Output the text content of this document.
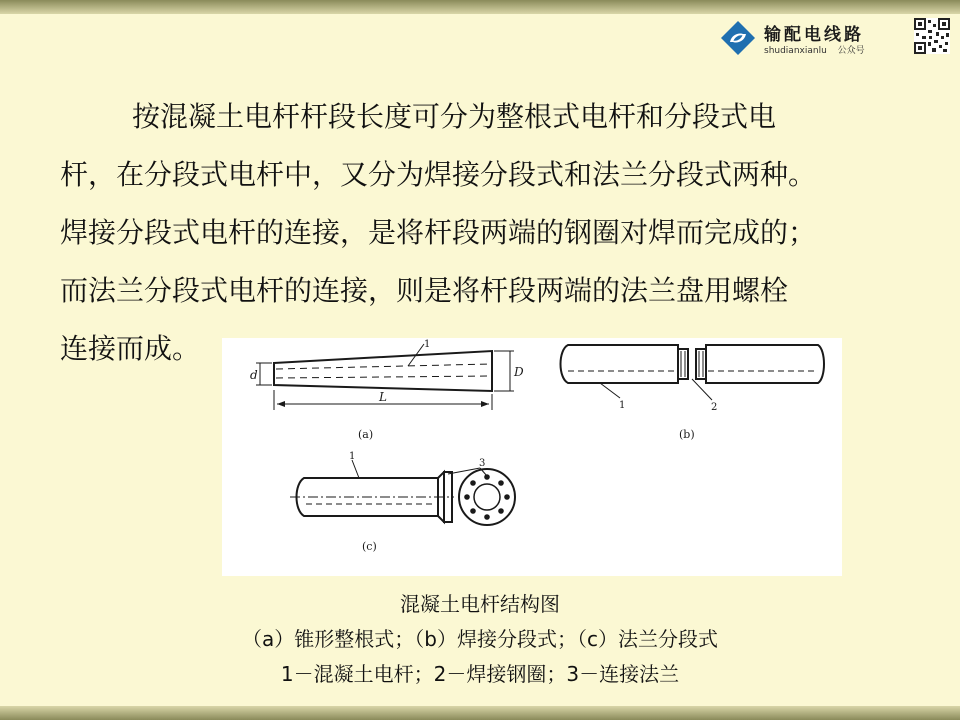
输配电线路
shudianxianlu 公众号
按混凝土电杆杆段长度可分为整根式电杆和分段式电
杆，在分段式电杆中，又分为焊接分段式和法兰分段式两种。
焊接分段式电杆的连接，是将杆段两端的钢圈对焊而完成的；
而法兰分段式电杆的连接，则是将杆段两端的法兰盘用螺栓
连接而成。
(a)	(b)
(c)
d	D
L
1
1	2
1
3
混凝土电杆结构图
（a）锥形整根式；（b）焊接分段式；（c）法兰分段式
1－混凝土电杆；2－焊接钢圈；3－连接法兰
